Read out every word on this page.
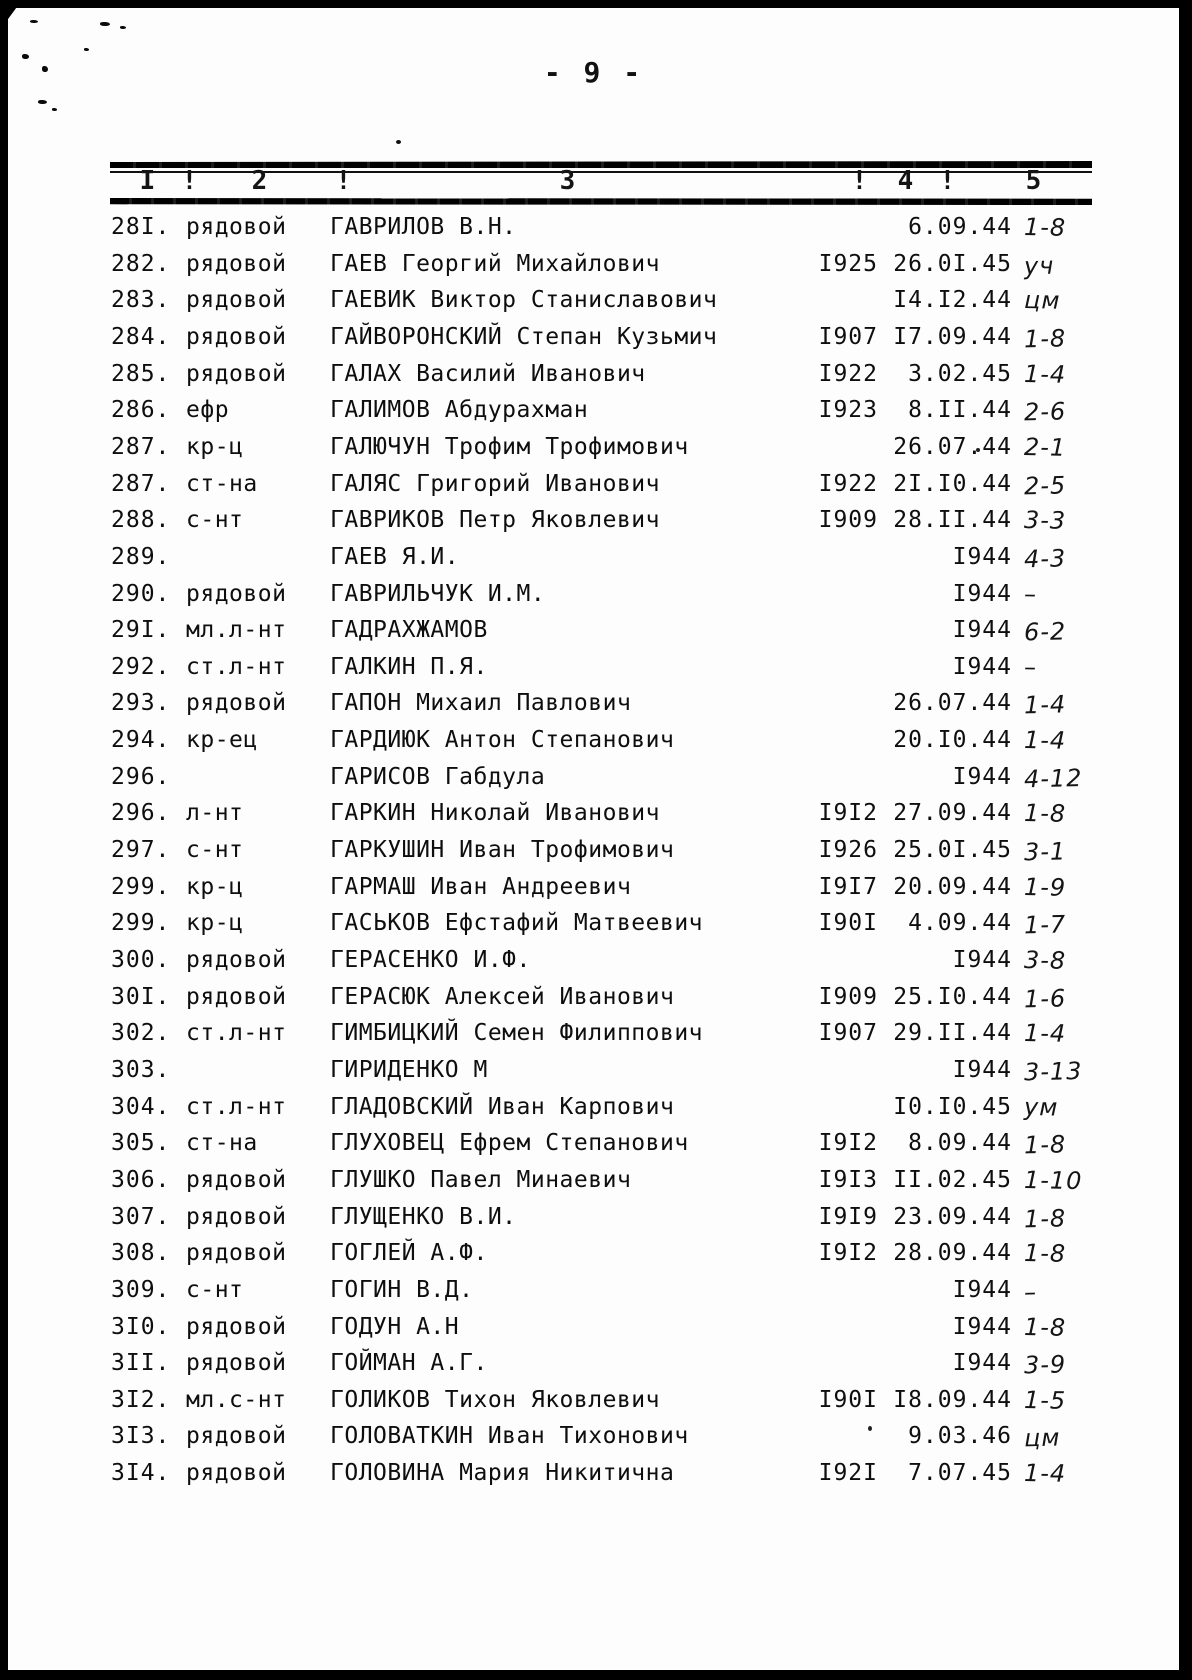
- 9 -
I ! 2	!	3	! 4 !	5
28I. рядовой	ГАВРИЛОВ В.Н.	6.09.44 1-8
282. рядовой	ГАЕВ Георгий Михайлович	I925 26.0I.45 уч
283. рядовой	ГАЕВИК Виктор Станиславович	I4.I2.44 цм
284. рядовой	ГАЙВОРОНСКИЙ Степан Кузьмич	I907 I7.09.44 1-8
285. рядовой	ГАЛАХ Василий Иванович	I922	3.02.45 1-4
286. ефр	ГАЛИМОВ Абдурахман	I923	8.II.44 2-6
287. кр-ц	ГАЛЮЧУН Трофим Трофимович	26.07.44 2-1
287. ст-на	ГАЛЯС Григорий Иванович	I922 2I.I0.44 2-5
288. с-нт	ГАВРИКОВ Петр Яковлевич	I909 28.II.44 3-3
289.	ГАЕВ Я.И.	I944 4-3
290. рядовой	ГАВРИЛЬЧУК И.М.	I944 –
29I. мл.л-нт	ГАДРАХЖАМОВ	I944 6-2
292. ст.л-нт	ГАЛКИН П.Я.	I944 –
293. рядовой	ГАПОН Михаил Павлович	26.07.44 1-4
294. кр-ец	ГАРДИЮК Антон Степанович	20.I0.44 1-4
296.	ГАРИСОВ Габдула	I944 4-12
296. л-нт	ГАРКИН Николай Иванович	I9I2 27.09.44 1-8
297. с-нт	ГАРКУШИН Иван Трофимович	I926 25.0I.45 3-1
299. кр-ц	ГАРМАШ Иван Андреевич	I9I7 20.09.44 1-9
299. кр-ц	ГАСЬКОВ Ефстафий Матвеевич	I90I	4.09.44 1-7
300. рядовой	ГЕРАСЕНКО И.Ф.	I944 3-8
30I. рядовой	ГЕРАСЮК Алексей Иванович	I909 25.I0.44 1-6
302. ст.л-нт	ГИМБИЦКИЙ Семен Филиппович	I907 29.II.44 1-4
303.	ГИРИДЕНКО М	I944 3-13
304. ст.л-нт	ГЛАДОВСКИЙ Иван Карпович	I0.I0.45 ум
305. ст-на	ГЛУХОВЕЦ Ефрем Степанович	I9I2	8.09.44 1-8
306. рядовой	ГЛУШКО Павел Минаевич	I9I3 II.02.45 1-10
307. рядовой	ГЛУЩЕНКО В.И.	I9I9 23.09.44 1-8
308. рядовой	ГОГЛЕЙ А.Ф.	I9I2 28.09.44 1-8
309. с-нт	ГОГИН В.Д.	I944 –
3I0. рядовой	ГОДУН А.Н	I944 1-8
3II. рядовой	ГОЙМАН А.Г.	I944 3-9
3I2. мл.с-нт	ГОЛИКОВ Тихон Яковлевич	I90I I8.09.44 1-5
3I3. рядовой	ГОЛОВАТКИН Иван Тихонович	9.03.46 цм
3I4. рядовой	ГОЛОВИНА Мария Никитична	I92I	7.07.45 1-4
